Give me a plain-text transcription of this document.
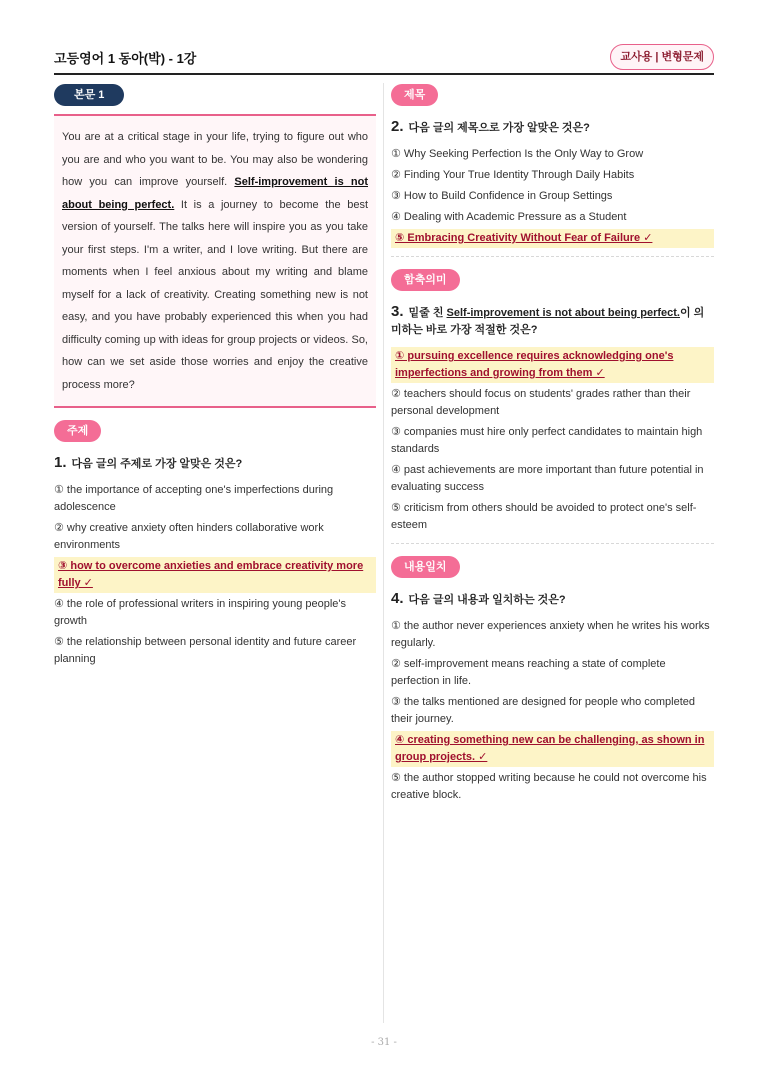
고등영어 1 동아(박) - 1강	교사용 | 변형문제
본문 1
You are at a critical stage in your life, trying to figure out who you are and who you want to be. You may also be wondering how you can improve yourself. Self-improvement is not about being perfect. It is a journey to become the best version of yourself. The talks here will inspire you as you take your first steps. I'm a writer, and I love writing. But there are moments when I feel anxious about my writing and blame myself for a lack of creativity. Creating something new is not easy, and you have probably experienced this when you had difficulty coming up with ideas for group projects or videos. So, how can we set aside those worries and enjoy the creative process more?
주제
1. 다음 글의 주제로 가장 알맞은 것은?
① the importance of accepting one's imperfections during adolescence
② why creative anxiety often hinders collaborative work environments
③ how to overcome anxieties and embrace creativity more fully ✓
④ the role of professional writers in inspiring young people's growth
⑤ the relationship between personal identity and future career planning
제목
2. 다음 글의 제목으로 가장 알맞은 것은?
① Why Seeking Perfection Is the Only Way to Grow
② Finding Your True Identity Through Daily Habits
③ How to Build Confidence in Group Settings
④ Dealing with Academic Pressure as a Student
⑤ Embracing Creativity Without Fear of Failure ✓
함축의미
3. 밑줄 친 Self-improvement is not about being perfect.이 의미하는 바로 가장 적절한 것은?
① pursuing excellence requires acknowledging one's imperfections and growing from them ✓
② teachers should focus on students' grades rather than their personal development
③ companies must hire only perfect candidates to maintain high standards
④ past achievements are more important than future potential in evaluating success
⑤ criticism from others should be avoided to protect one's self-esteem
내용일치
4. 다음 글의 내용과 일치하는 것은?
① the author never experiences anxiety when he writes his works regularly.
② self-improvement means reaching a state of complete perfection in life.
③ the talks mentioned are designed for people who completed their journey.
④ creating something new can be challenging, as shown in group projects. ✓
⑤ the author stopped writing because he could not overcome his creative block.
- 31 -
